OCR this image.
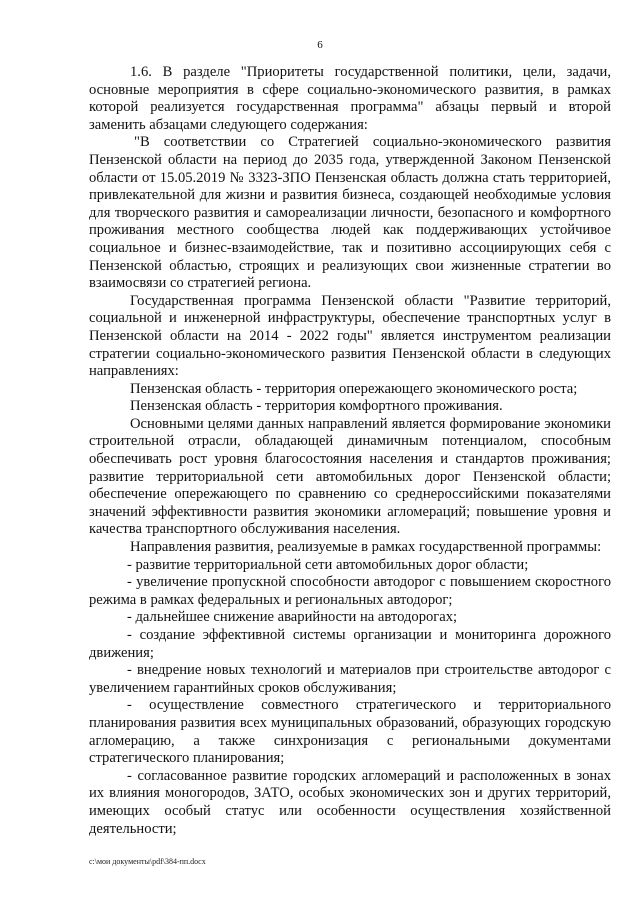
6

1.6. В разделе "Приоритеты государственной политики, цели, задачи, основные мероприятия в сфере социально-экономического развития, в рамках которой реализуется государственная программа" абзацы первый и второй заменить абзацами следующего содержания:

"В соответствии со Стратегией социально-экономического развития Пензенской области на период до 2035 года, утвержденной Законом Пензенской области от 15.05.2019 № 3323-ЗПО Пензенская область должна стать территорией, привлекательной для жизни и развития бизнеса, создающей необходимые условия для творческого развития и самореализации личности, безопасного и комфортного проживания местного сообщества людей как поддерживающих устойчивое социальное и бизнес-взаимодействие, так и позитивно ассоциирующих себя с Пензенской областью, строящих и реализующих свои жизненные стратегии во взаимосвязи со стратегией региона.

Государственная программа Пензенской области "Развитие территорий, социальной и инженерной инфраструктуры, обеспечение транспортных услуг в Пензенской области на 2014 - 2022 годы" является инструментом реализации стратегии социально-экономического развития Пензенской области в следующих направлениях:

Пензенская область - территория опережающего экономического роста;

Пензенская область - территория комфортного проживания.

Основными целями данных направлений является формирование экономики строительной отрасли, обладающей динамичным потенциалом, способным обеспечивать рост уровня благосостояния населения и стандартов проживания; развитие территориальной сети автомобильных дорог Пензенской области; обеспечение опережающего по сравнению со среднероссийскими показателями значений эффективности развития экономики агломераций; повышение уровня и качества транспортного обслуживания населения.

Направления развития, реализуемые в рамках государственной программы:

- развитие территориальной сети автомобильных дорог области;

- увеличение пропускной способности автодорог с повышением скоростного режима в рамках федеральных и региональных автодорог;

- дальнейшее снижение аварийности на автодорогах;

- создание эффективной системы организации и мониторинга дорожного движения;

- внедрение новых технологий и материалов при строительстве автодорог с увеличением гарантийных сроков обслуживания;

- осуществление совместного стратегического и территориального планирования развития всех муниципальных образований, образующих городскую агломерацию, а также синхронизация с региональными документами стратегического планирования;

- согласованное развитие городских агломераций и расположенных в зонах их влияния моногородов, ЗАТО, особых экономических зон и других территорий, имеющих особый статус или особенности осуществления хозяйственной деятельности;

c:\мои документы\pdf\384-пп.docx
